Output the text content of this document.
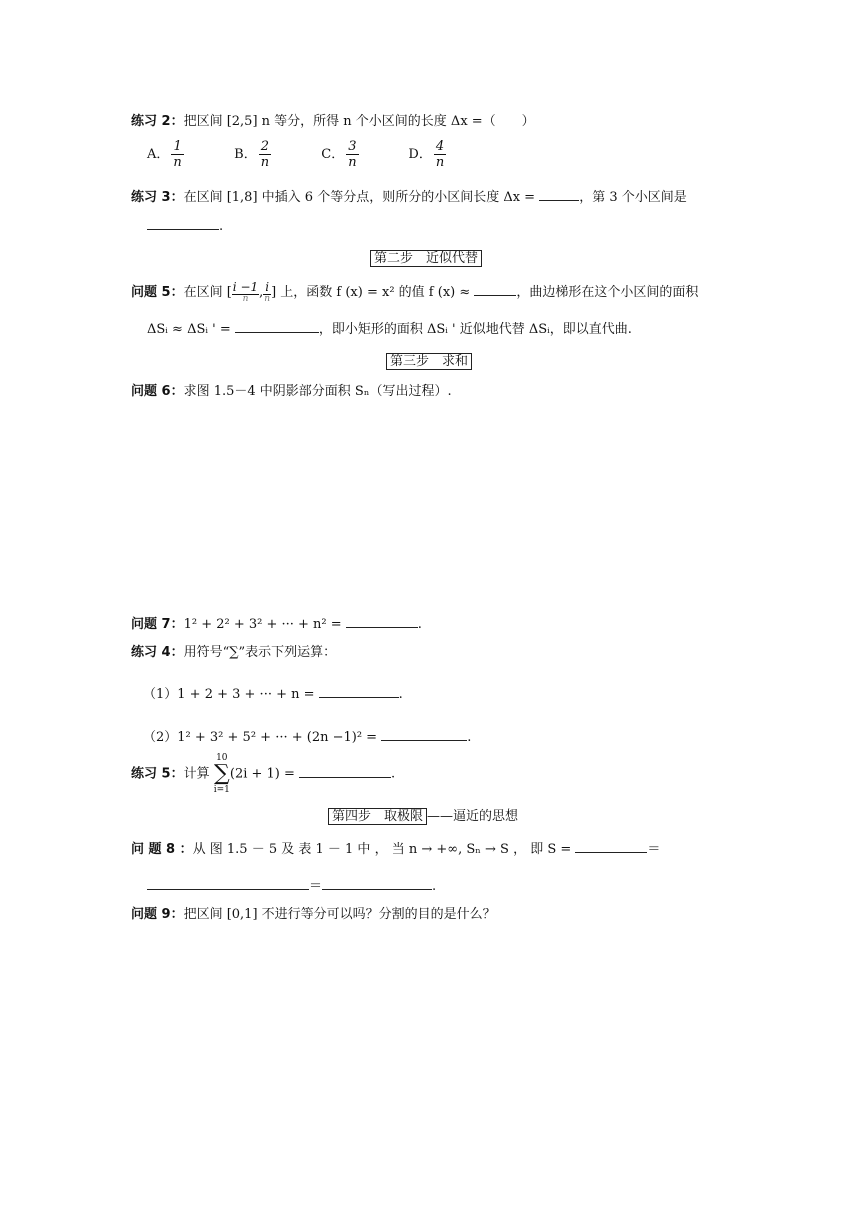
练习 2：把区间 [2,5] n 等分，所得 n 个小区间的长度 Δx =（　　）
A． $\frac{1}{n}$	B． $\frac{2}{n}$	C． $\frac{3}{n}$	D． $\frac{4}{n}$
练习 3：在区间 [1,8] 中插入 6 个等分点，则所分的小区间长度 Δx =	，第 3 个小区间是
.
第二步　近似代替
问题 5：在区间 [ $\frac{i -1}{n}$ , $\frac{i}{n}$ ] 上，函数 f (x) = x² 的值 f (x) ≈	，曲边梯形在这个小区间的面积
ΔSᵢ ≈ ΔSᵢ ' =	，即小矩形的面积 ΔSᵢ ' 近似地代替 ΔSᵢ，即以直代曲.
第三步　求和
问题 6：求图 1.5－4 中阴影部分面积 Sₙ（写出过程）.
问题 7：1² + 2² + 3² + ··· + n² =	.
练习 4：用符号“∑”表示下列运算：
（1）1 + 2 + 3 + ··· + n =	.
（2）1² + 3² + 5² + ··· + (2n −1)² =	.
练习 5：计算
10
∑
i=1
(2i + 1) =	.
第四步　取极限 ——逼近的思想
问 题 8 ：从 图 1.5 － 5 及 表 1 － 1 中 ， 当 n → +∞, Sₙ → S ， 即 S =	＝
＝	.
问题 9：把区间 [0,1] 不进行等分可以吗？分割的目的是什么？
